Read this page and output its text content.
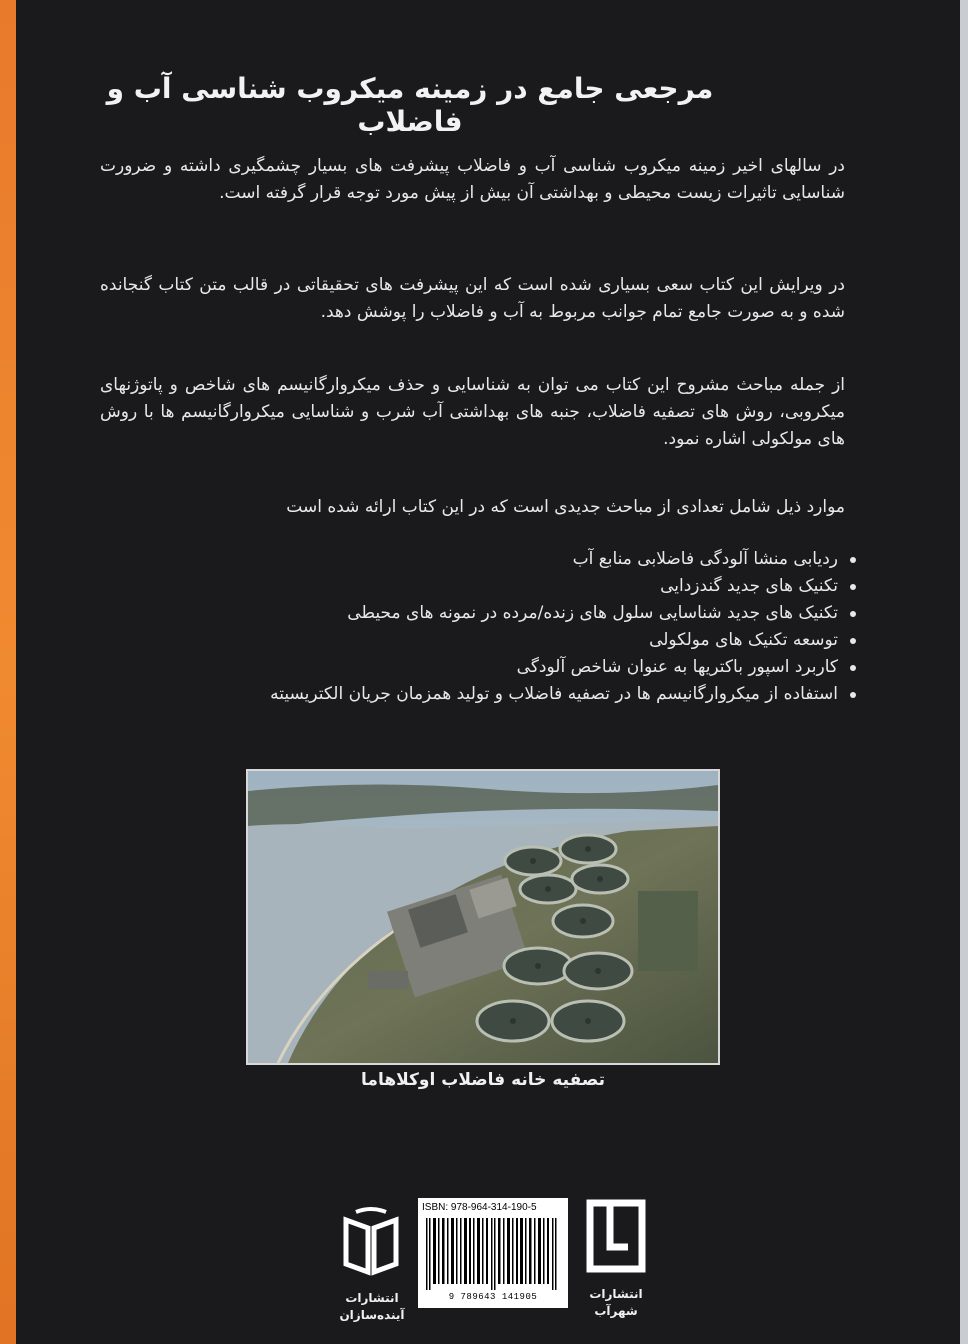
مرجعی جامع در زمینه میکروب شناسی آب و فاضلاب
در سالهای اخیر زمینه میکروب شناسی آب و فاضلاب پیشرفت های بسیار چشمگیری داشته و ضرورت شناسایی تاثیرات زیست محیطی و بهداشتی آن بیش از پیش مورد توجه قرار گرفته است.
در ویرایش این کتاب سعی بسیاری شده است که این پیشرفت های تحقیقاتی در قالب متن کتاب گنجانده شده و به صورت جامع تمام جوانب مربوط به آب و فاضلاب را پوشش دهد.
از جمله مباحث مشروح این کتاب می توان به شناسایی و حذف میکروارگانیسم های شاخص و پاتوژنهای میکروبی، روش های تصفیه فاضلاب، جنبه های بهداشتی آب شرب و شناسایی میکروارگانیسم ها با روش های مولکولی اشاره نمود.
موارد ذیل شامل تعدادی از مباحث جدیدی است که در این کتاب ارائه شده است
ردیابی منشا آلودگی فاضلابی منابع آب
تکنیک های جدید گندزدایی
تکنیک های جدید شناسایی سلول های زنده/مرده در نمونه های محیطی
توسعه تکنیک های مولکولی
کاربرد اسپور باکتریها به عنوان شاخص آلودگی
استفاده از میکروارگانیسم ها در تصفیه فاضلاب و تولید همزمان جریان الکتریسیته
تصفیه خانه فاضلاب اوکلاهاما
انتشارات
آینده‌سازان
ISBN: 978-964-314-190-5
9 789643 141905	انتشارات
شهرآب
